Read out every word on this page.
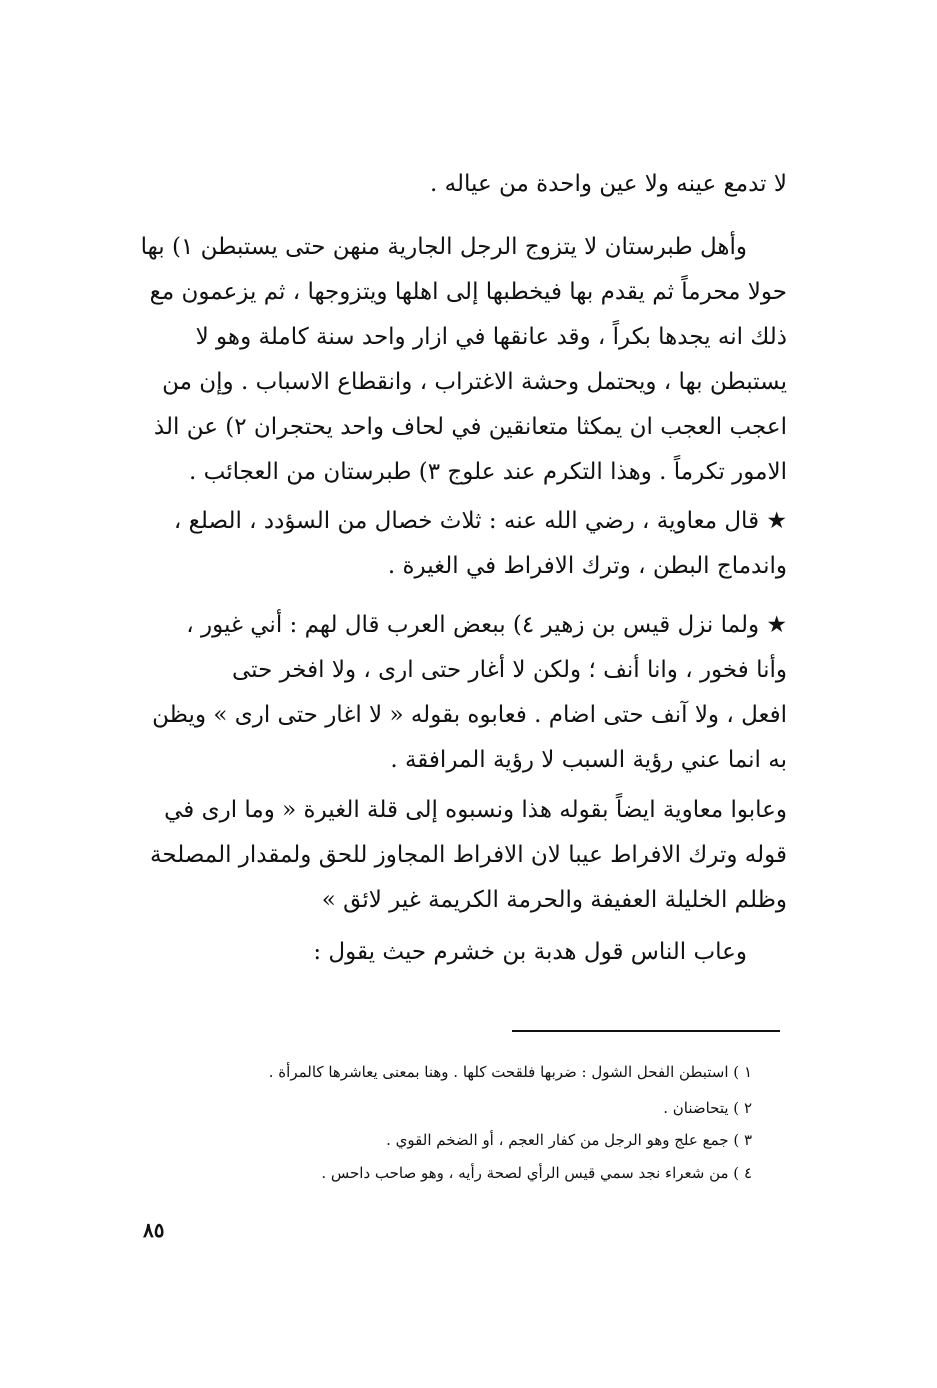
لا تدمع عينه ولا عين واحدة من عياله .
وأهل طبرستان لا يتزوج الرجل الجارية منهن حتى يستبطن ١) بها
حولا محرماً ثم يقدم بها فيخطبها إلى اهلها ويتزوجها ، ثم يزعمون مع
ذلك انه يجدها بكراً ، وقد عانقها في ازار واحد سنة كاملة وهو لا
يستبطن بها ، ويحتمل وحشة الاغتراب ، وانقطاع الاسباب . وإن من
اعجب العجب ان يمكثا متعانقين في لحاف واحد يحتجران ٢) عن الذ
الامور تكرماً . وهذا التكرم عند علوج ٣) طبرستان من العجائب .
★ قال معاوية ، رضي الله عنه : ثلاث خصال من السؤدد ، الصلع ،
واندماج البطن ، وترك الافراط في الغيرة .
★ ولما نزل قيس بن زهير ٤) ببعض العرب قال لهم : أني غيور ،
وأنا فخور ، وانا أنف ؛ ولكن لا أغار حتى ارى ، ولا افخر حتى
افعل ، ولا آنف حتى اضام . فعابوه بقوله « لا اغار حتى ارى » ويظن
به انما عني رؤية السبب لا رؤية المرافقة .
وعابوا معاوية ايضاً بقوله هذا ونسبوه إلى قلة الغيرة « وما ارى في
قوله وترك الافراط عيبا لان الافراط المجاوز للحق ولمقدار المصلحة
وظلم الخليلة العفيفة والحرمة الكريمة غير لائق »
وعاب الناس قول هدبة بن خشرم حيث يقول :
١ ) استبطن الفحل الشول : ضربها فلقحت كلها . وهنا بمعنى يعاشرها كالمرأة .
٢ ) يتحاضنان .
٣ ) جمع علج وهو الرجل من كفار العجم ، أو الضخم القوي .
٤ ) من شعراء نجد سمي قيس الرأي لصحة رأيه ، وهو صاحب داحس .
٨٥
